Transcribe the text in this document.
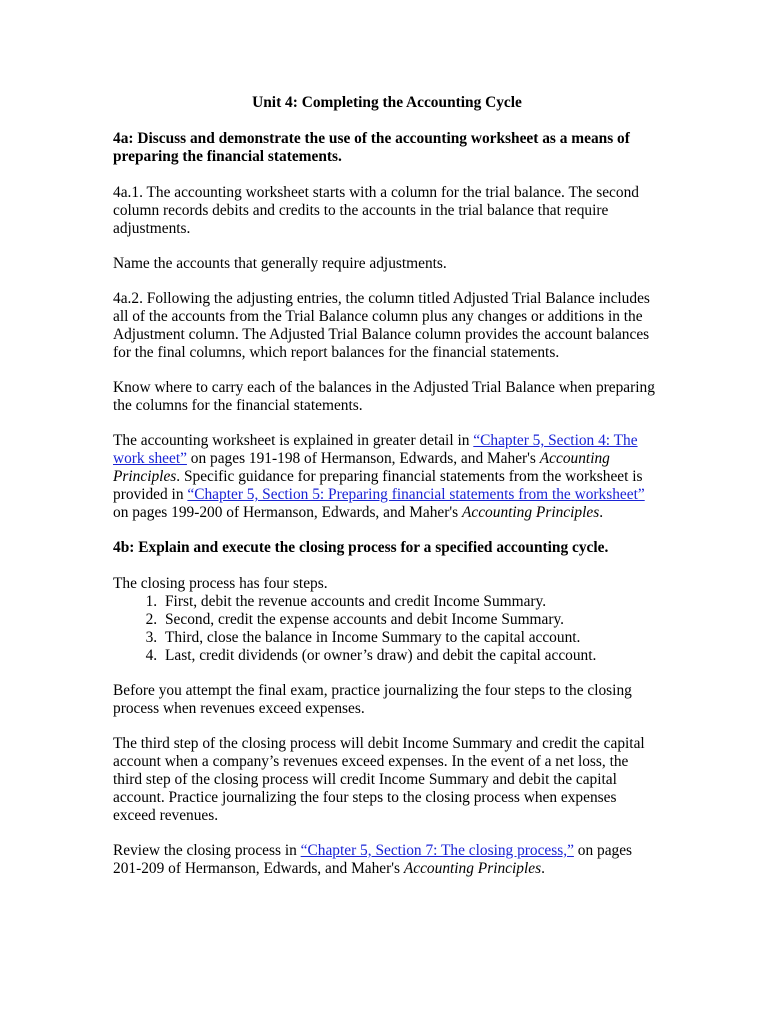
Unit 4: Completing the Accounting Cycle
4a: Discuss and demonstrate the use of the accounting worksheet as a means of preparing the financial statements.

4a.1. The accounting worksheet starts with a column for the trial balance. The second column records debits and credits to the accounts in the trial balance that require adjustments.

Name the accounts that generally require adjustments.

4a.2. Following the adjusting entries, the column titled Adjusted Trial Balance includes all of the accounts from the Trial Balance column plus any changes or additions in the Adjustment column. The Adjusted Trial Balance column provides the account balances for the final columns, which report balances for the financial statements.

Know where to carry each of the balances in the Adjusted Trial Balance when preparing the columns for the financial statements.

The accounting worksheet is explained in greater detail in “Chapter 5, Section 4: The work sheet” on pages 191-198 of Hermanson, Edwards, and Maher's Accounting Principles. Specific guidance for preparing financial statements from the worksheet is provided in “Chapter 5, Section 5: Preparing financial statements from the worksheet” on pages 199-200 of Hermanson, Edwards, and Maher's Accounting Principles.

4b: Explain and execute the closing process for a specified accounting cycle.

The closing process has four steps.

1. First, debit the revenue accounts and credit Income Summary.
2. Second, credit the expense accounts and debit Income Summary.
3. Third, close the balance in Income Summary to the capital account.
4. Last, credit dividends (or owner’s draw) and debit the capital account.

Before you attempt the final exam, practice journalizing the four steps to the closing process when revenues exceed expenses.

The third step of the closing process will debit Income Summary and credit the capital account when a company’s revenues exceed expenses. In the event of a net loss, the third step of the closing process will credit Income Summary and debit the capital account. Practice journalizing the four steps to the closing process when expenses exceed revenues.

Review the closing process in “Chapter 5, Section 7: The closing process,” on pages 201-209 of Hermanson, Edwards, and Maher's Accounting Principles.
